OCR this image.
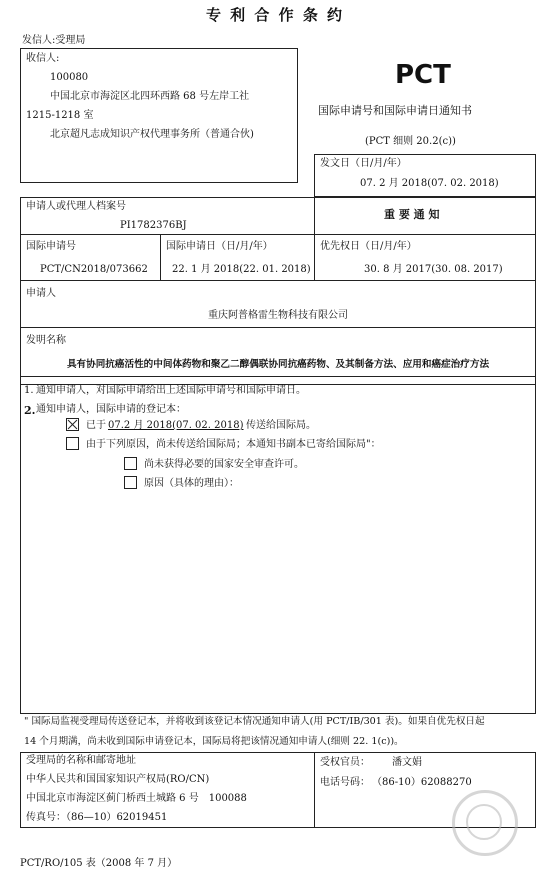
专 利 合 作 条 约
发信人:受理局
收信人:
100080
中国北京市海淀区北四环西路 68 号左岸工社
1215-1218 室
北京超凡志成知识产权代理事务所（普通合伙)
PCT
国际申请号和国际申请日通知书
(PCT 细则 20.2(c))
发文日（日/月/年）
07. 2 月 2018(07. 02. 2018)
申请人或代理人档案号
PI1782376BJ
重 要 通 知
国际申请号
PCT/CN2018/073662
国际申请日（日/月/年）
22. 1 月 2018(22. 01. 2018)
优先权日（日/月/年）
30. 8 月 2017(30. 08. 2017)
申请人
重庆阿普格雷生物科技有限公司
发明名称
具有协同抗癌活性的中间体药物和聚乙二醇偶联协同抗癌药物、及其制备方法、应用和癌症治疗方法
1. 通知申请人，对国际申请给出上述国际申请号和国际申请日。
2. 通知申请人，国际申请的登记本：
已于 07.2 月 2018(07. 02. 2018) 传送给国际局。
由于下列原因，尚未传送给国际局；本通知书副本已寄给国际局"：
尚未获得必要的国家安全审查许可。
原因（具体的理由）：
" 国际局监视受理局传送登记本，并将收到该登记本情况通知申请人(用 PCT/IB/301 表)。如果自优先权日起
14 个月期满，尚未收到国际申请登记本，国际局将把该情况通知申请人(细则 22. 1(c))。
受理局的名称和邮寄地址
中华人民共和国国家知识产权局(RO/CN)
中国北京市海淀区蓟门桥西土城路 6 号　100088
传真号：（86—10）62019451
受权官员： 潘文娟
电话号码： （86-10）62088270
PCT/RO/105 表（2008 年 7 月）
